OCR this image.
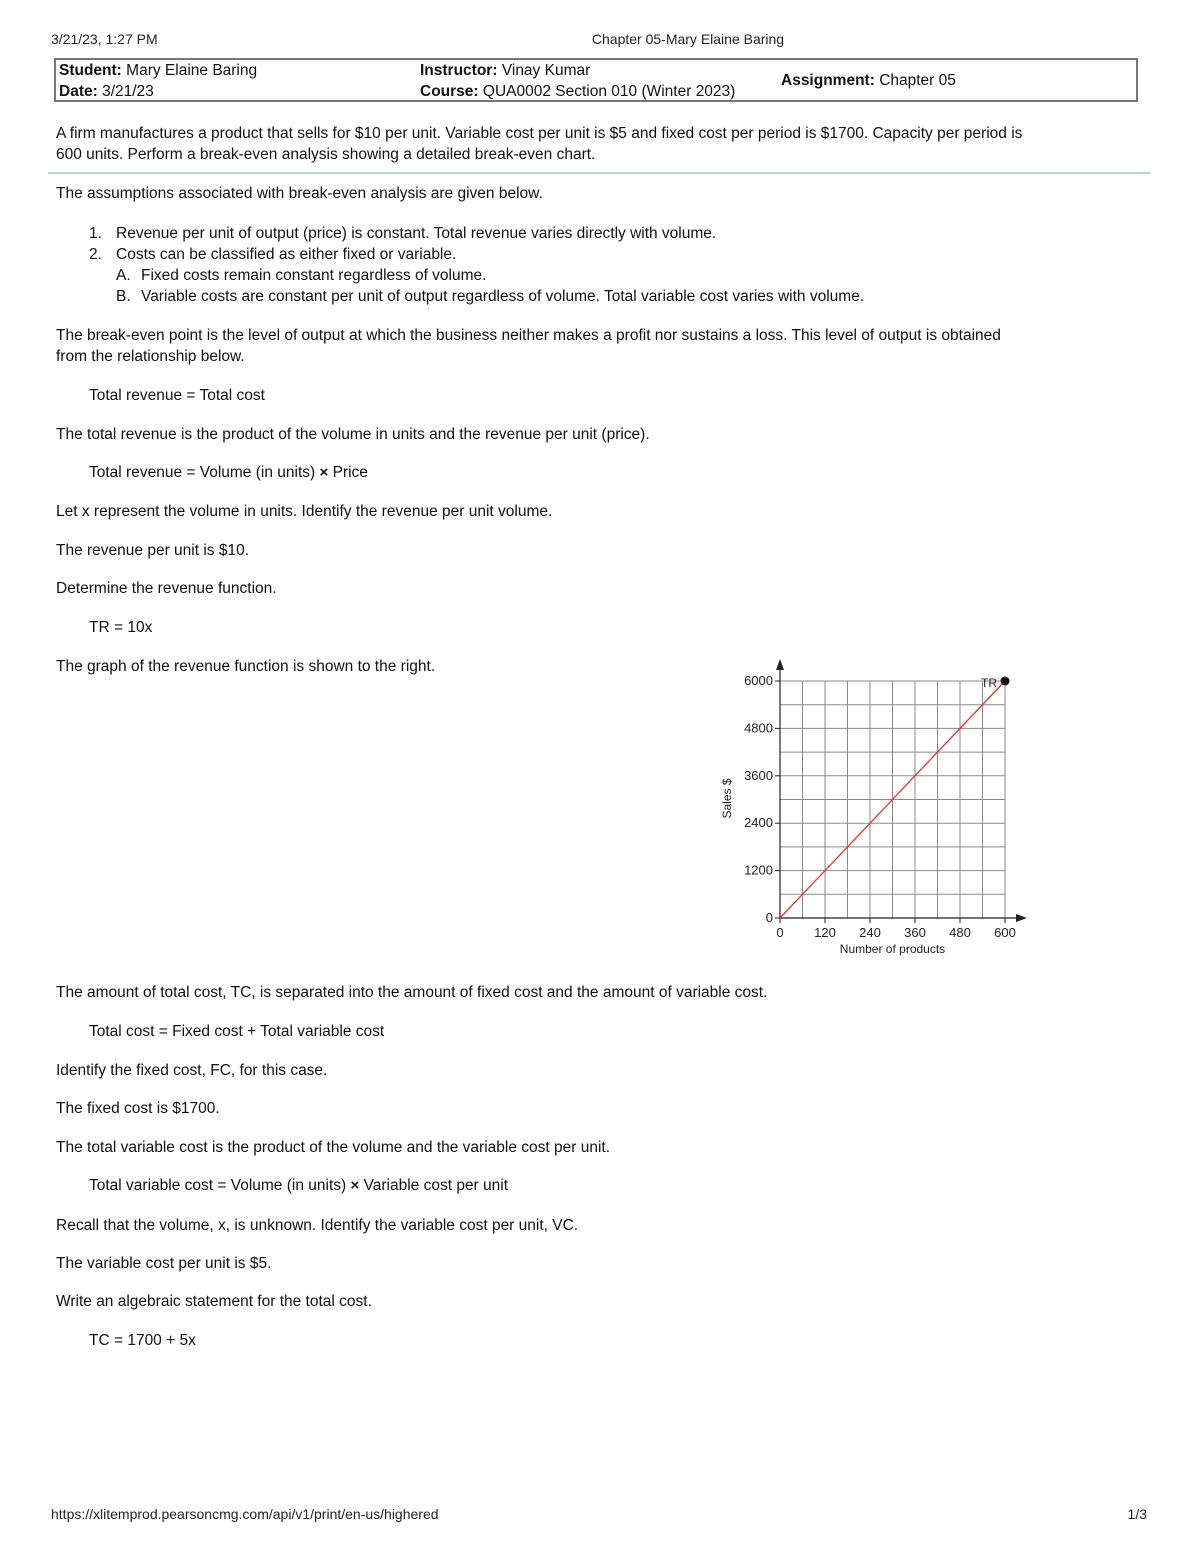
3/21/23, 1:27 PM	Chapter 05-Mary Elaine Baring
Student: Mary Elaine Baring
Date: 3/21/23
Instructor: Vinay Kumar
Course: QUA0002 Section 010 (Winter 2023)
Assignment: Chapter 05
A firm manufactures a product that sells for $10 per unit. Variable cost per unit is $5 and fixed cost per period is $1700. Capacity per period is
600 units. Perform a break-even analysis showing a detailed break-even chart.
The assumptions associated with break-even analysis are given below.
1. Revenue per unit of output (price) is constant. Total revenue varies directly with volume.
2. Costs can be classified as either fixed or variable.
A. Fixed costs remain constant regardless of volume.
B. Variable costs are constant per unit of output regardless of volume. Total variable cost varies with volume.
The break-even point is the level of output at which the business neither makes a profit nor sustains a loss. This level of output is obtained
from the relationship below.
Total revenue = Total cost
The total revenue is the product of the volume in units and the revenue per unit (price).
Total revenue = Volume (in units) × Price
Let x represent the volume in units. Identify the revenue per unit volume.
The revenue per unit is $10.
Determine the revenue function.
TR = 10x
The graph of the revenue function is shown to the right.
0
1200
2400
3600
4800
6000
0 120 240 360 480 600
Number of products
Sales $
TR
The amount of total cost, TC, is separated into the amount of fixed cost and the amount of variable cost.
Total cost = Fixed cost + Total variable cost
Identify the fixed cost, FC, for this case.
The fixed cost is $1700.
The total variable cost is the product of the volume and the variable cost per unit.
Total variable cost = Volume (in units) × Variable cost per unit
Recall that the volume, x, is unknown. Identify the variable cost per unit, VC.
The variable cost per unit is $5.
Write an algebraic statement for the total cost.
TC = 1700 + 5x
https://xlitemprod.pearsoncmg.com/api/v1/print/en-us/highered	1/3
